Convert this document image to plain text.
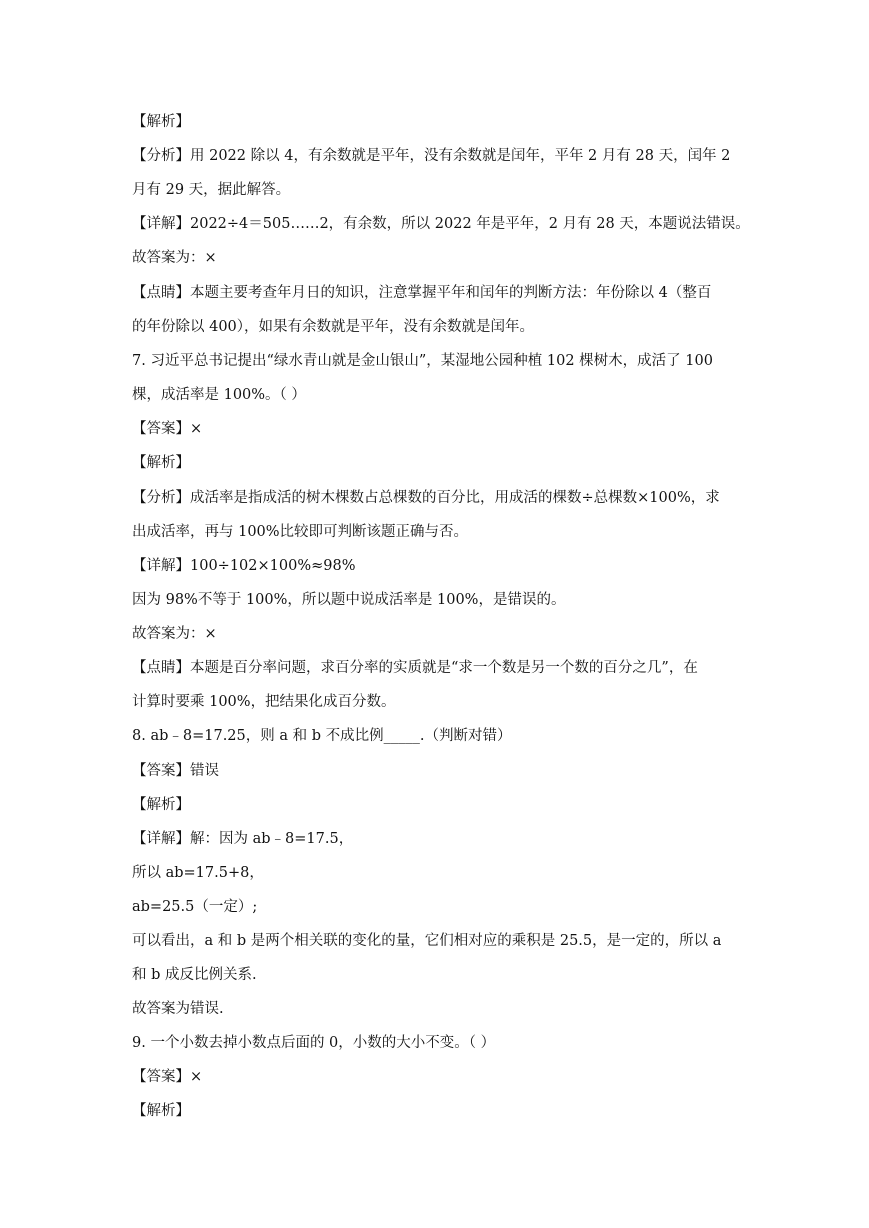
【解析】
【分析】用 2022 除以 4，有余数就是平年，没有余数就是闰年，平年 2 月有 28 天，闰年 2
月有 29 天，据此解答。
【详解】2022÷4＝505……2，有余数，所以 2022 年是平年，2 月有 28 天，本题说法错误。
故答案为：×
【点睛】本题主要考查年月日的知识，注意掌握平年和闰年的判断方法：年份除以 4（整百
的年份除以 400），如果有余数就是平年，没有余数就是闰年。
7. 习近平总书记提出“绿水青山就是金山银山”，某湿地公园种植 102 棵树木，成活了 100
棵，成活率是 100%。（ ）
【答案】×
【解析】
【分析】成活率是指成活的树木棵数占总棵数的百分比，用成活的棵数÷总棵数×100%，求
出成活率，再与 100%比较即可判断该题正确与否。
【详解】100÷102×100%≈98%
因为 98%不等于 100%，所以题中说成活率是 100%，是错误的。
故答案为：×
【点睛】本题是百分率问题，求百分率的实质就是“求一个数是另一个数的百分之几”，在
计算时要乘 100%，把结果化成百分数。
8. ab﹣8=17.25，则 a 和 b 不成比例_____.（判断对错）
【答案】错误
【解析】
【详解】解：因为 ab﹣8=17.5，
所以 ab=17.5+8，
ab=25.5（一定）;
可以看出，a 和 b 是两个相关联的变化的量，它们相对应的乘积是 25.5，是一定的，所以 a
和 b 成反比例关系.
故答案为错误.
9. 一个小数去掉小数点后面的 0，小数的大小不变。（ ）
【答案】×
【解析】
